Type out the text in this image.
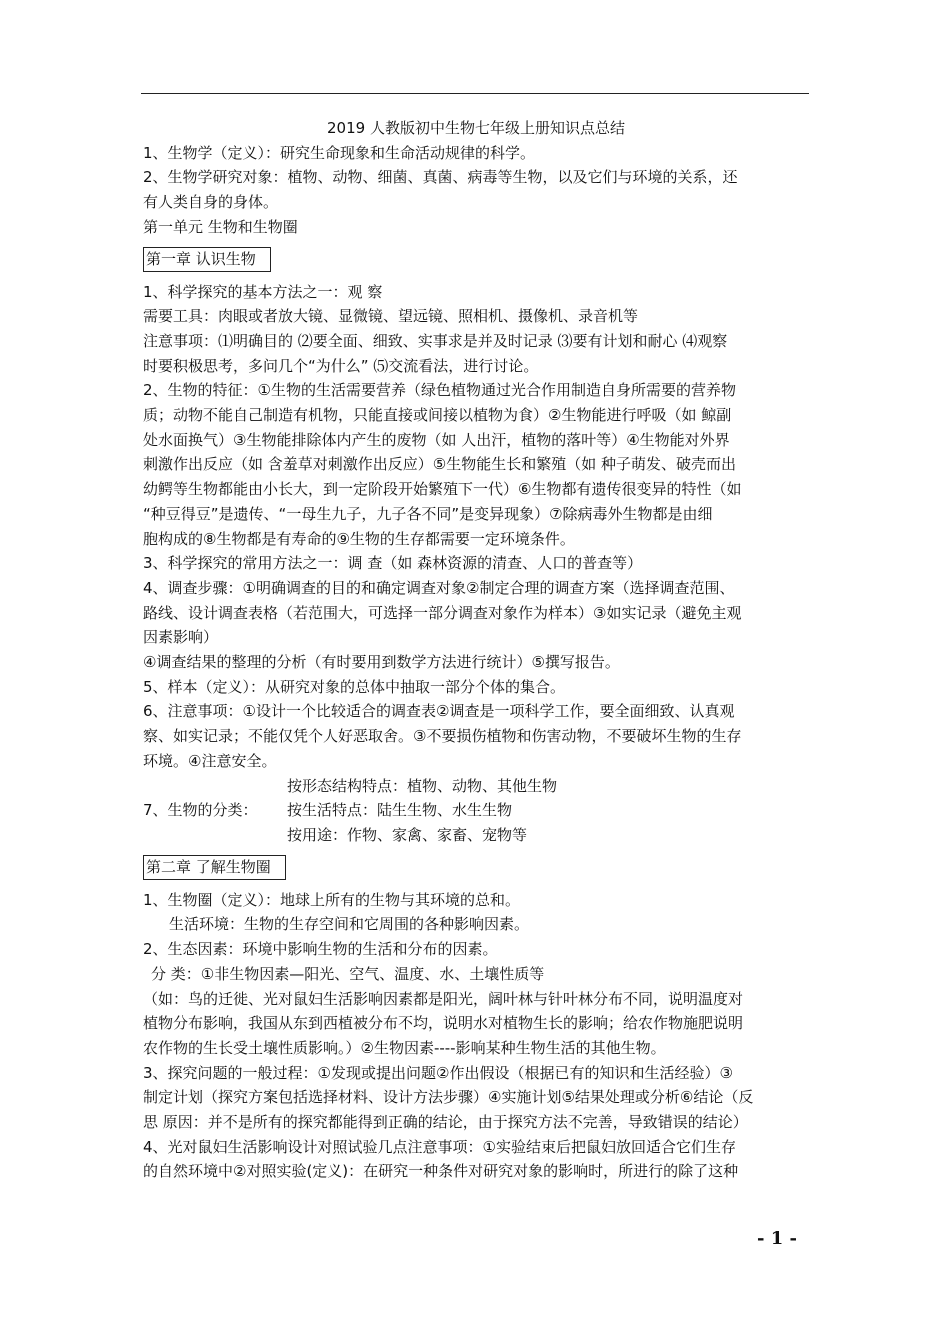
2019 人教版初中生物七年级上册知识点总结
1、生物学（定义）：研究生命现象和生命活动规律的科学。
2、生物学研究对象：植物、动物、细菌、真菌、病毒等生物，以及它们与环境的关系，还
有人类自身的身体。
第一单元 生物和生物圈
第一章 认识生物
1、科学探究的基本方法之一：观 察
需要工具：肉眼或者放大镜、显微镜、望远镜、照相机、摄像机、录音机等
注意事项：⑴明确目的 ⑵要全面、细致、实事求是并及时记录 ⑶要有计划和耐心 ⑷观察
时要积极思考，多问几个“为什么” ⑸交流看法，进行讨论。
2、生物的特征：①生物的生活需要营养（绿色植物通过光合作用制造自身所需要的营养物
质；动物不能自己制造有机物，只能直接或间接以植物为食）②生物能进行呼吸（如 鲸副
处水面换气）③生物能排除体内产生的废物（如 人出汗，植物的落叶等）④生物能对外界
刺激作出反应（如 含羞草对刺激作出反应）⑤生物能生长和繁殖（如 种子萌发、破壳而出
幼鳄等生物都能由小长大，到一定阶段开始繁殖下一代）⑥生物都有遗传很变异的特性（如
“种豆得豆”是遗传、“一母生九子，九子各不同”是变异现象）⑦除病毒外生物都是由细
胞构成的⑧生物都是有寿命的⑨生物的生存都需要一定环境条件。
3、科学探究的常用方法之一：调 查（如 森林资源的清查、人口的普查等）
4、调查步骤：①明确调查的目的和确定调查对象②制定合理的调查方案（选择调查范围、
路线、设计调查表格（若范围大，可选择一部分调查对象作为样本）③如实记录（避免主观
因素影响）
④调查结果的整理的分析（有时要用到数学方法进行统计）⑤撰写报告。
5、样本（定义）：从研究对象的总体中抽取一部分个体的集合。
6、注意事项：①设计一个比较适合的调查表②调查是一项科学工作，要全面细致、认真观
察、如实记录；不能仅凭个人好恶取舍。③不要损伤植物和伤害动物，不要破坏生物的生存
环境。④注意安全。
按形态结构特点：植物、动物、其他生物
7、生物的分类：	按生活特点：陆生生物、水生生物
按用途：作物、家禽、家畜、宠物等
第二章 了解生物圈
1、生物圈（定义）：地球上所有的生物与其环境的总和。
生活环境：生物的生存空间和它周围的各种影响因素。
2、生态因素：环境中影响生物的生活和分布的因素。
分 类：①非生物因素—阳光、空气、温度、水、土壤性质等
（如：鸟的迁徙、光对鼠妇生活影响因素都是阳光，阔叶林与针叶林分布不同，说明温度对
植物分布影响，我国从东到西植被分布不均，说明水对植物生长的影响；给农作物施肥说明
农作物的生长受土壤性质影响。）②生物因素----影响某种生物生活的其他生物。
3、探究问题的一般过程：①发现或提出问题②作出假设（根据已有的知识和生活经验）③
制定计划（探究方案包括选择材料、设计方法步骤）④实施计划⑤结果处理或分析⑥结论（反
思 原因：并不是所有的探究都能得到正确的结论，由于探究方法不完善，导致错误的结论）
4、光对鼠妇生活影响设计对照试验几点注意事项：①实验结束后把鼠妇放回适合它们生存
的自然环境中②对照实验(定义)：在研究一种条件对研究对象的影响时，所进行的除了这种
- 1 -
